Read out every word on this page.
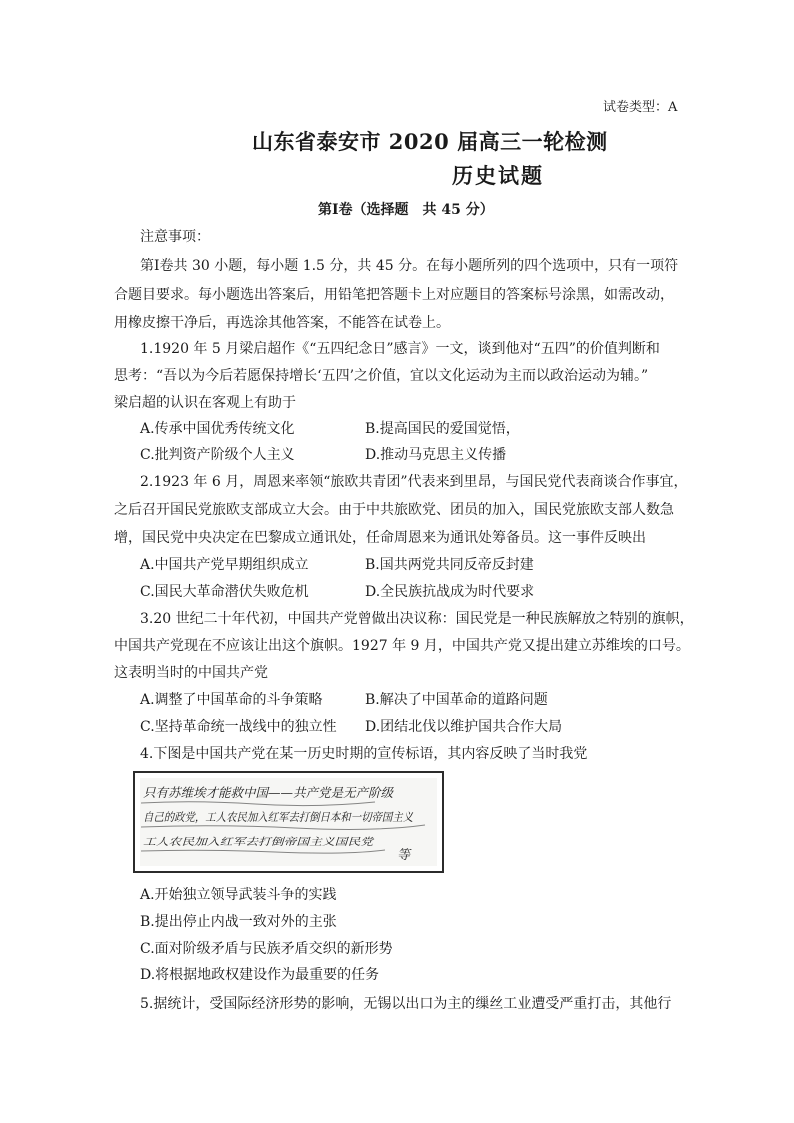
试卷类型：A
山东省泰安市 2020 届高三一轮检测
历史试题
第Ⅰ卷（选择题　共 45 分）
注意事项：
第Ⅰ卷共 30 小题，每小题 1.5 分，共 45 分。在每小题所列的四个选项中，只有一项符
合题目要求。每小题选出答案后，用铅笔把答题卡上对应题目的答案标号涂黑，如需改动，
用橡皮擦干净后，再选涂其他答案，不能答在试卷上。
1.1920 年 5 月梁启超作《“五四纪念日”感言》一文，谈到他对“五四”的价值判断和
思考：“吾以为今后若愿保持增长‘五四’之价值，宜以文化运动为主而以政治运动为辅。”
梁启超的认识在客观上有助于
A.传承中国优秀传统文化	B.提高国民的爱国觉悟，
C.批判资产阶级个人主义	D.推动马克思主义传播
2.1923 年 6 月，周恩来率领“旅欧共青团”代表来到里昂，与国民党代表商谈合作事宜，
之后召开国民党旅欧支部成立大会。由于中共旅欧党、团员的加入，国民党旅欧支部人数急
增，国民党中央决定在巴黎成立通讯处，任命周恩来为通讯处筹备员。这一事件反映出
A.中国共产党早期组织成立	B.国共两党共同反帝反封建
C.国民大革命潜伏失败危机	D.全民族抗战成为时代要求
3.20 世纪二十年代初，中国共产党曾做出决议称：国民党是一种民族解放之特别的旗帜，
中国共产党现在不应该让出这个旗帜。1927 年 9 月，中国共产党又提出建立苏维埃的口号。
这表明当时的中国共产党
A.调整了中国革命的斗争策略	B.解决了中国革命的道路问题
C.坚持革命统一战线中的独立性 D.团结北伐以维护国共合作大局
4.下图是中国共产党在某一历史时期的宣传标语，其内容反映了当时我党
只有苏维埃才能救中国——共产党是无产阶级
自己的政党，工人农民加入红军去打倒日本和一切帝国主义
工人农民加入红军去打倒帝国主义国民党
等
A.开始独立领导武装斗争的实践
B.提出停止内战一致对外的主张
C.面对阶级矛盾与民族矛盾交织的新形势
D.将根据地政权建设作为最重要的任务
5.据统计，受国际经济形势的影响，无锡以出口为主的缫丝工业遭受严重打击，其他行
